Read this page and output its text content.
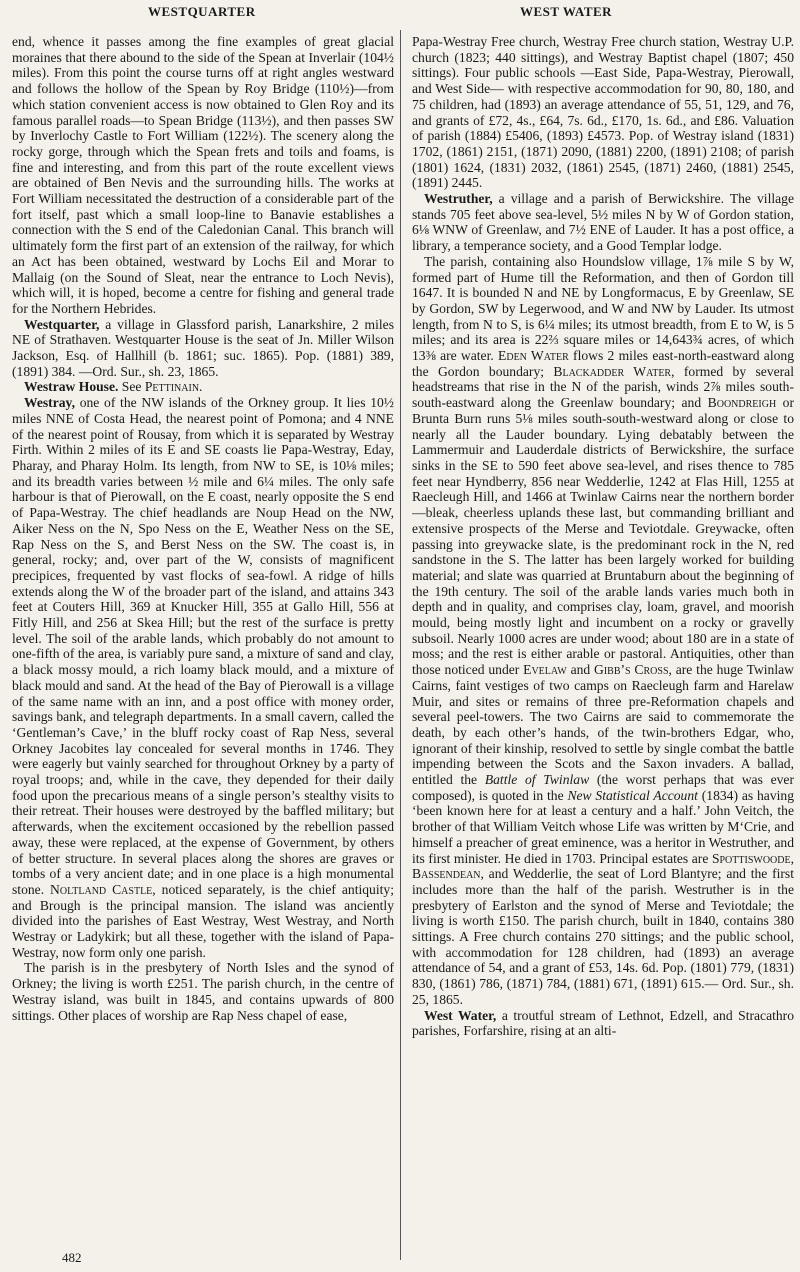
WESTQUARTER	WEST WATER

end, whence it passes among the fine examples of great glacial moraines that there abound to the side of the Spean at Inverlair (104½ miles). From this point the course turns off at right angles westward and follows the hollow of the Spean by Roy Bridge (110½)—from which station convenient access is now obtained to Glen Roy and its famous parallel roads—to Spean Bridge (113½), and then passes SW by Inverlochy Castle to Fort William (122½). The scenery along the rocky gorge, through which the Spean frets and toils and foams, is fine and interesting, and from this part of the route excellent views are obtained of Ben Nevis and the surrounding hills. The works at Fort William necessitated the destruction of a considerable part of the fort itself, past which a small loop-line to Banavie establishes a connection with the S end of the Caledonian Canal. This branch will ultimately form the first part of an extension of the railway, for which an Act has been obtained, westward by Lochs Eil and Morar to Mallaig (on the Sound of Sleat, near the entrance to Loch Nevis), which will, it is hoped, become a centre for fishing and general trade for the Northern Hebrides.

Westquarter, a village in Glassford parish, Lanarkshire, 2 miles NE of Strathaven. Westquarter House is the seat of Jn. Miller Wilson Jackson, Esq. of Hallhill (b. 1861; suc. 1865). Pop. (1881) 389, (1891) 384. —Ord. Sur., sh. 23, 1865.

Westraw House. See Pettinain.

Westray, one of the NW islands of the Orkney group. It lies 10½ miles NNE of Costa Head, the nearest point of Pomona; and 4 NNE of the nearest point of Rousay, from which it is separated by Westray Firth. Within 2 miles of its E and SE coasts lie Papa-Westray, Eday, Pharay, and Pharay Holm. Its length, from NW to SE, is 10⅛ miles; and its breadth varies between ½ mile and 6¼ miles. The only safe harbour is that of Pierowall, on the E coast, nearly opposite the S end of Papa-Westray. The chief headlands are Noup Head on the NW, Aiker Ness on the N, Spo Ness on the E, Weather Ness on the SE, Rap Ness on the S, and Berst Ness on the SW. The coast is, in general, rocky; and, over part of the W, consists of magnificent precipices, frequented by vast flocks of sea-fowl. A ridge of hills extends along the W of the broader part of the island, and attains 343 feet at Couters Hill, 369 at Knucker Hill, 355 at Gallo Hill, 556 at Fitly Hill, and 256 at Skea Hill; but the rest of the surface is pretty level. The soil of the arable lands, which probably do not amount to one-fifth of the area, is variably pure sand, a mixture of sand and clay, a black mossy mould, a rich loamy black mould, and a mixture of black mould and sand. At the head of the Bay of Pierowall is a village of the same name with an inn, and a post office with money order, savings bank, and telegraph departments. In a small cavern, called the ‘Gentleman’s Cave,’ in the bluff rocky coast of Rap Ness, several Orkney Jacobites lay concealed for several months in 1746. They were eagerly but vainly searched for throughout Orkney by a party of royal troops; and, while in the cave, they depended for their daily food upon the precarious means of a single person’s stealthy visits to their retreat. Their houses were destroyed by the baffled military; but afterwards, when the excitement occasioned by the rebellion passed away, these were replaced, at the expense of Government, by others of better structure. In several places along the shores are graves or tombs of a very ancient date; and in one place is a high monumental stone. Noltland Castle, noticed separately, is the chief antiquity; and Brough is the principal mansion. The island was anciently divided into the parishes of East Westray, West Westray, and North Westray or Ladykirk; but all these, together with the island of Papa-Westray, now form only one parish.

The parish is in the presbytery of North Isles and the synod of Orkney; the living is worth £251. The parish church, in the centre of Westray island, was built in 1845, and contains upwards of 800 sittings. Other places of worship are Rap Ness chapel of ease,

Papa-Westray Free church, Westray Free church station, Westray U.P. church (1823; 440 sittings), and Westray Baptist chapel (1807; 450 sittings). Four public schools —East Side, Papa-Westray, Pierowall, and West Side— with respective accommodation for 90, 80, 180, and 75 children, had (1893) an average attendance of 55, 51, 129, and 76, and grants of £72, 4s., £64, 7s. 6d., £170, 1s. 6d., and £86. Valuation of parish (1884) £5406, (1893) £4573. Pop. of Westray island (1831) 1702, (1861) 2151, (1871) 2090, (1881) 2200, (1891) 2108; of parish (1801) 1624, (1831) 2032, (1861) 2545, (1871) 2460, (1881) 2545, (1891) 2445.

Westruther, a village and a parish of Berwickshire. The village stands 705 feet above sea-level, 5½ miles N by W of Gordon station, 6⅛ WNW of Greenlaw, and 7½ ENE of Lauder. It has a post office, a library, a temperance society, and a Good Templar lodge.

The parish, containing also Houndslow village, 1⅞ mile S by W, formed part of Hume till the Reformation, and then of Gordon till 1647. It is bounded N and NE by Longformacus, E by Greenlaw, SE by Gordon, SW by Legerwood, and W and NW by Lauder. Its utmost length, from N to S, is 6¼ miles; its utmost breadth, from E to W, is 5 miles; and its area is 22⅔ square miles or 14,643¾ acres, of which 13⅜ are water. Eden Water flows 2 miles east-north-eastward along the Gordon boundary; Blackadder Water, formed by several headstreams that rise in the N of the parish, winds 2⅞ miles south-south-eastward along the Greenlaw boundary; and Boondreigh or Brunta Burn runs 5⅛ miles south-south-westward along or close to nearly all the Lauder boundary. Lying debatably between the Lammermuir and Lauderdale districts of Berwickshire, the surface sinks in the SE to 590 feet above sea-level, and rises thence to 785 feet near Hyndberry, 856 near Wedderlie, 1242 at Flas Hill, 1255 at Raecleugh Hill, and 1466 at Twinlaw Cairns near the northern border —bleak, cheerless uplands these last, but commanding brilliant and extensive prospects of the Merse and Teviotdale. Greywacke, often passing into greywacke slate, is the predominant rock in the N, red sandstone in the S. The latter has been largely worked for building material; and slate was quarried at Bruntaburn about the beginning of the 19th century. The soil of the arable lands varies much both in depth and in quality, and comprises clay, loam, gravel, and moorish mould, being mostly light and incumbent on a rocky or gravelly subsoil. Nearly 1000 acres are under wood; about 180 are in a state of moss; and the rest is either arable or pastoral. Antiquities, other than those noticed under Evelaw and Gibb’s Cross, are the huge Twinlaw Cairns, faint vestiges of two camps on Raecleugh farm and Harelaw Muir, and sites or remains of three pre-Reformation chapels and several peel-towers. The two Cairns are said to commemorate the death, by each other’s hands, of the twin-brothers Edgar, who, ignorant of their kinship, resolved to settle by single combat the battle impending between the Scots and the Saxon invaders. A ballad, entitled the Battle of Twinlaw (the worst perhaps that was ever composed), is quoted in the New Statistical Account (1834) as having ‘been known here for at least a century and a half.’ John Veitch, the brother of that William Veitch whose Life was written by M‘Crie, and himself a preacher of great eminence, was a heritor in Westruther, and its first minister. He died in 1703. Principal estates are Spottiswoode, Bassendean, and Wedderlie, the seat of Lord Blantyre; and the first includes more than the half of the parish. Westruther is in the presbytery of Earlston and the synod of Merse and Teviotdale; the living is worth £150. The parish church, built in 1840, contains 380 sittings. A Free church contains 270 sittings; and the public school, with accommodation for 128 children, had (1893) an average attendance of 54, and a grant of £53, 14s. 6d. Pop. (1801) 779, (1831) 830, (1861) 786, (1871) 784, (1881) 671, (1891) 615.— Ord. Sur., sh. 25, 1865.

West Water, a troutful stream of Lethnot, Edzell, and Stracathro parishes, Forfarshire, rising at an alti-

482
